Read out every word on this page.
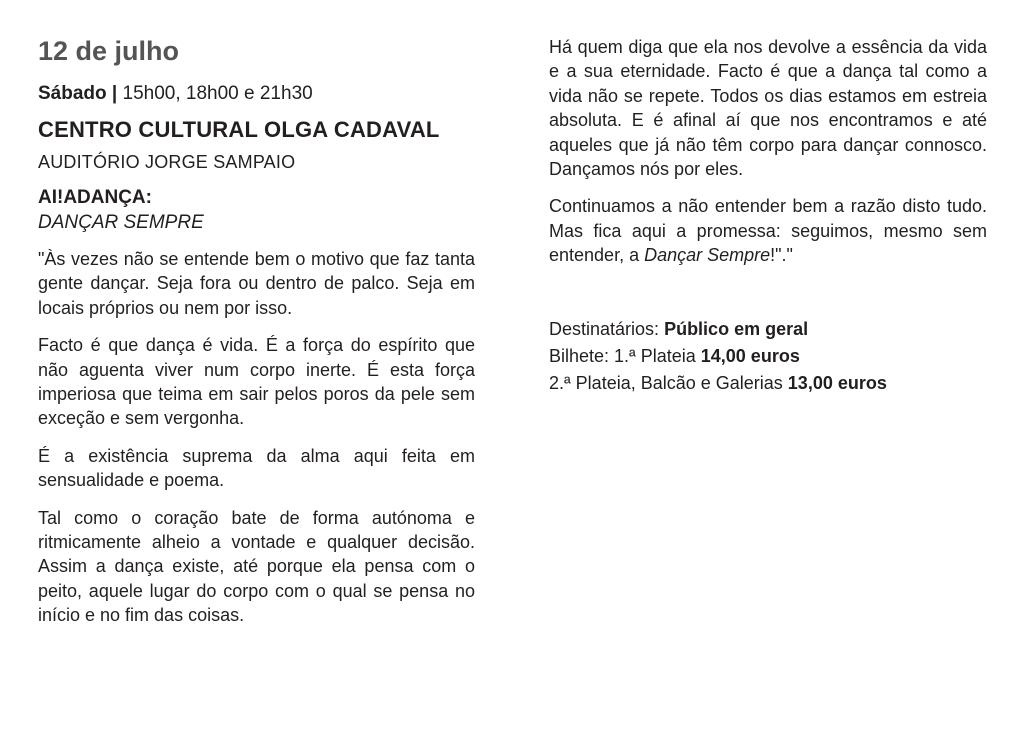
12 de julho

Sábado | 15h00, 18h00 e 21h30

CENTRO CULTURAL OLGA CADAVAL

AUDITÓRIO JORGE SAMPAIO

AI!ADANÇA:

DANÇAR SEMPRE

"Às vezes não se entende bem o motivo que faz tanta gente dançar. Seja fora ou dentro de palco. Seja em locais próprios ou nem por isso.

Facto é que dança é vida. É a força do espírito que não aguenta viver num corpo inerte. É esta força imperiosa que teima em sair pelos poros da pele sem exceção e sem vergonha.

É a existência suprema da alma aqui feita em sensualidade e poema.

Tal como o coração bate de forma autónoma e ritmicamente alheio a vontade e qualquer decisão. Assim a dança existe, até porque ela pensa com o peito, aquele lugar do corpo com o qual se pensa no início e no fim das coisas.

Há quem diga que ela nos devolve a essência da vida e a sua eternidade. Facto é que a dança tal como a vida não se repete. Todos os dias estamos em estreia absoluta. E é afinal aí que nos encontramos e até aqueles que já não têm corpo para dançar connosco. Dançamos nós por eles.

Continuamos a não entender bem a razão disto tudo. Mas fica aqui a promessa: seguimos, mesmo sem entender, a Dançar Sempre!"."

Destinatários: Público em geral

Bilhete: 1.ª Plateia 14,00 euros

2.ª Plateia, Balcão e Galerias 13,00 euros
